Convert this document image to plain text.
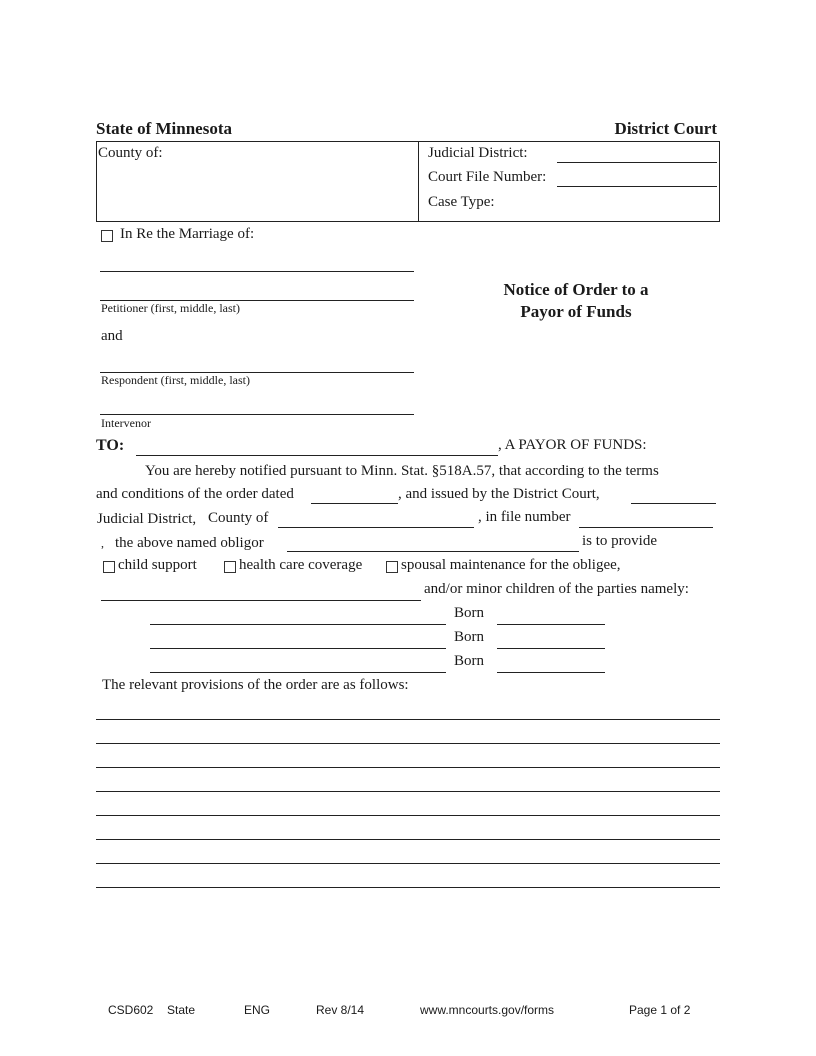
State of Minnesota	District Court
County of:	Judicial District:
Court File Number:
Case Type:
In Re the Marriage of:
Petitioner (first, middle, last)
and
Respondent (first, middle, last)
Intervenor
Notice of Order to a
Payor of Funds
TO:	, A PAYOR OF FUNDS:
You are hereby notified pursuant to Minn. Stat. §518A.57, that according to the terms
and conditions of the order dated	, and issued by the District Court,
Judicial District, County of	, in file number
, the above named obligor	is to provide
child support	health care coverage	spousal maintenance for the obligee,
and/or minor children of the parties namely:
Born
Born
Born
The relevant provisions of the order are as follows:
CSD602 State	ENG	Rev 8/14	www.mncourts.gov/forms	Page 1 of 2
